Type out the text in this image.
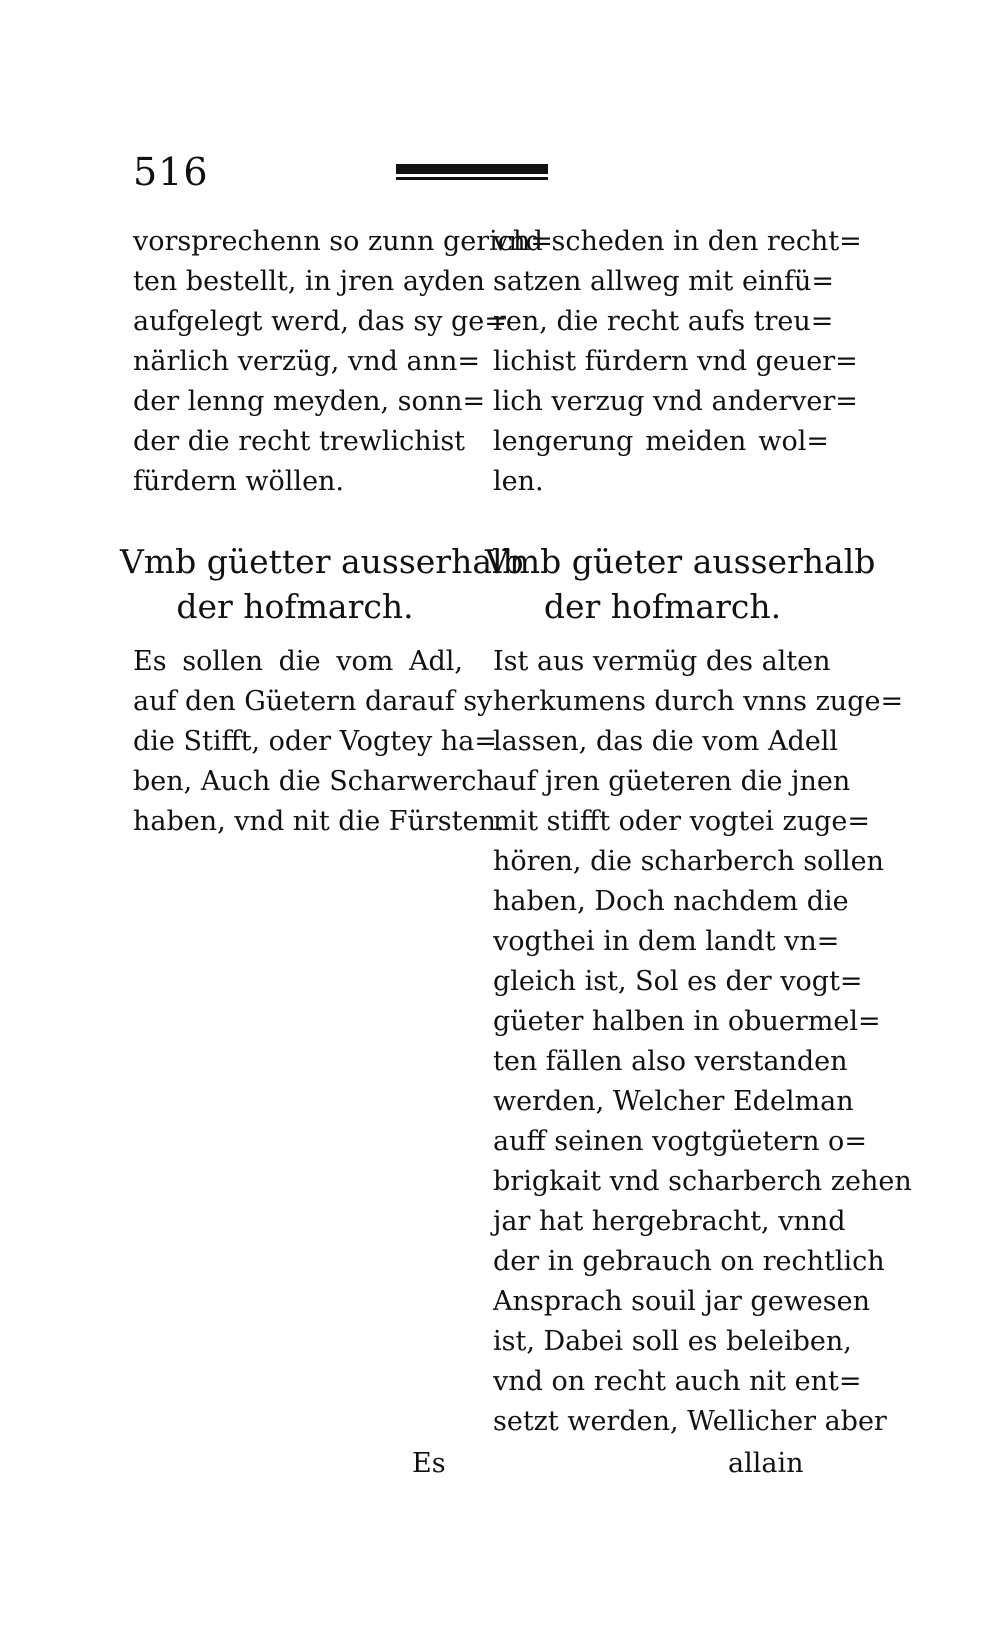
516
vorsprechenn so zunn gerich=
ten bestellt, in jren ayden
aufgelegt werd, das sy ge=
närlich verzüg, vnd ann=
der lenng meyden, sonn=
der die recht trewlichist
fürdern wöllen.
Vmb güetter ausserhalb
der hofmarch.
Es sollen die vom Adl,
auf den Güetern darauf sy
die Stifft, oder Vogtey ha=
ben, Auch die Scharwerch
haben, vnd nit die Fürsten.
vnd scheden in den recht=
satzen allweg mit einfü=
ren, die recht aufs treu=
lichist fürdern vnd geuer=
lich verzug vnd anderver=
lengerung meiden wol=
len.
Vmb güeter ausserhalb
der hofmarch.
Ist aus vermüg des alten
herkumens durch vnns zuge=
lassen, das die vom Adell
auf jren güeteren die jnen
mit stifft oder vogtei zuge=
hören, die scharberch sollen
haben, Doch nachdem die
vogthei in dem landt vn=
gleich ist, Sol es der vogt=
güeter halben in obuermel=
ten fällen also verstanden
werden, Welcher Edelman
auff seinen vogtgüetern o=
brigkait vnd scharberch zehen
jar hat hergebracht, vnnd
der in gebrauch on rechtlich
Ansprach souil jar gewesen
ist, Dabei soll es beleiben,
vnd on recht auch nit ent=
setzt werden, Wellicher aber
Es	allain
